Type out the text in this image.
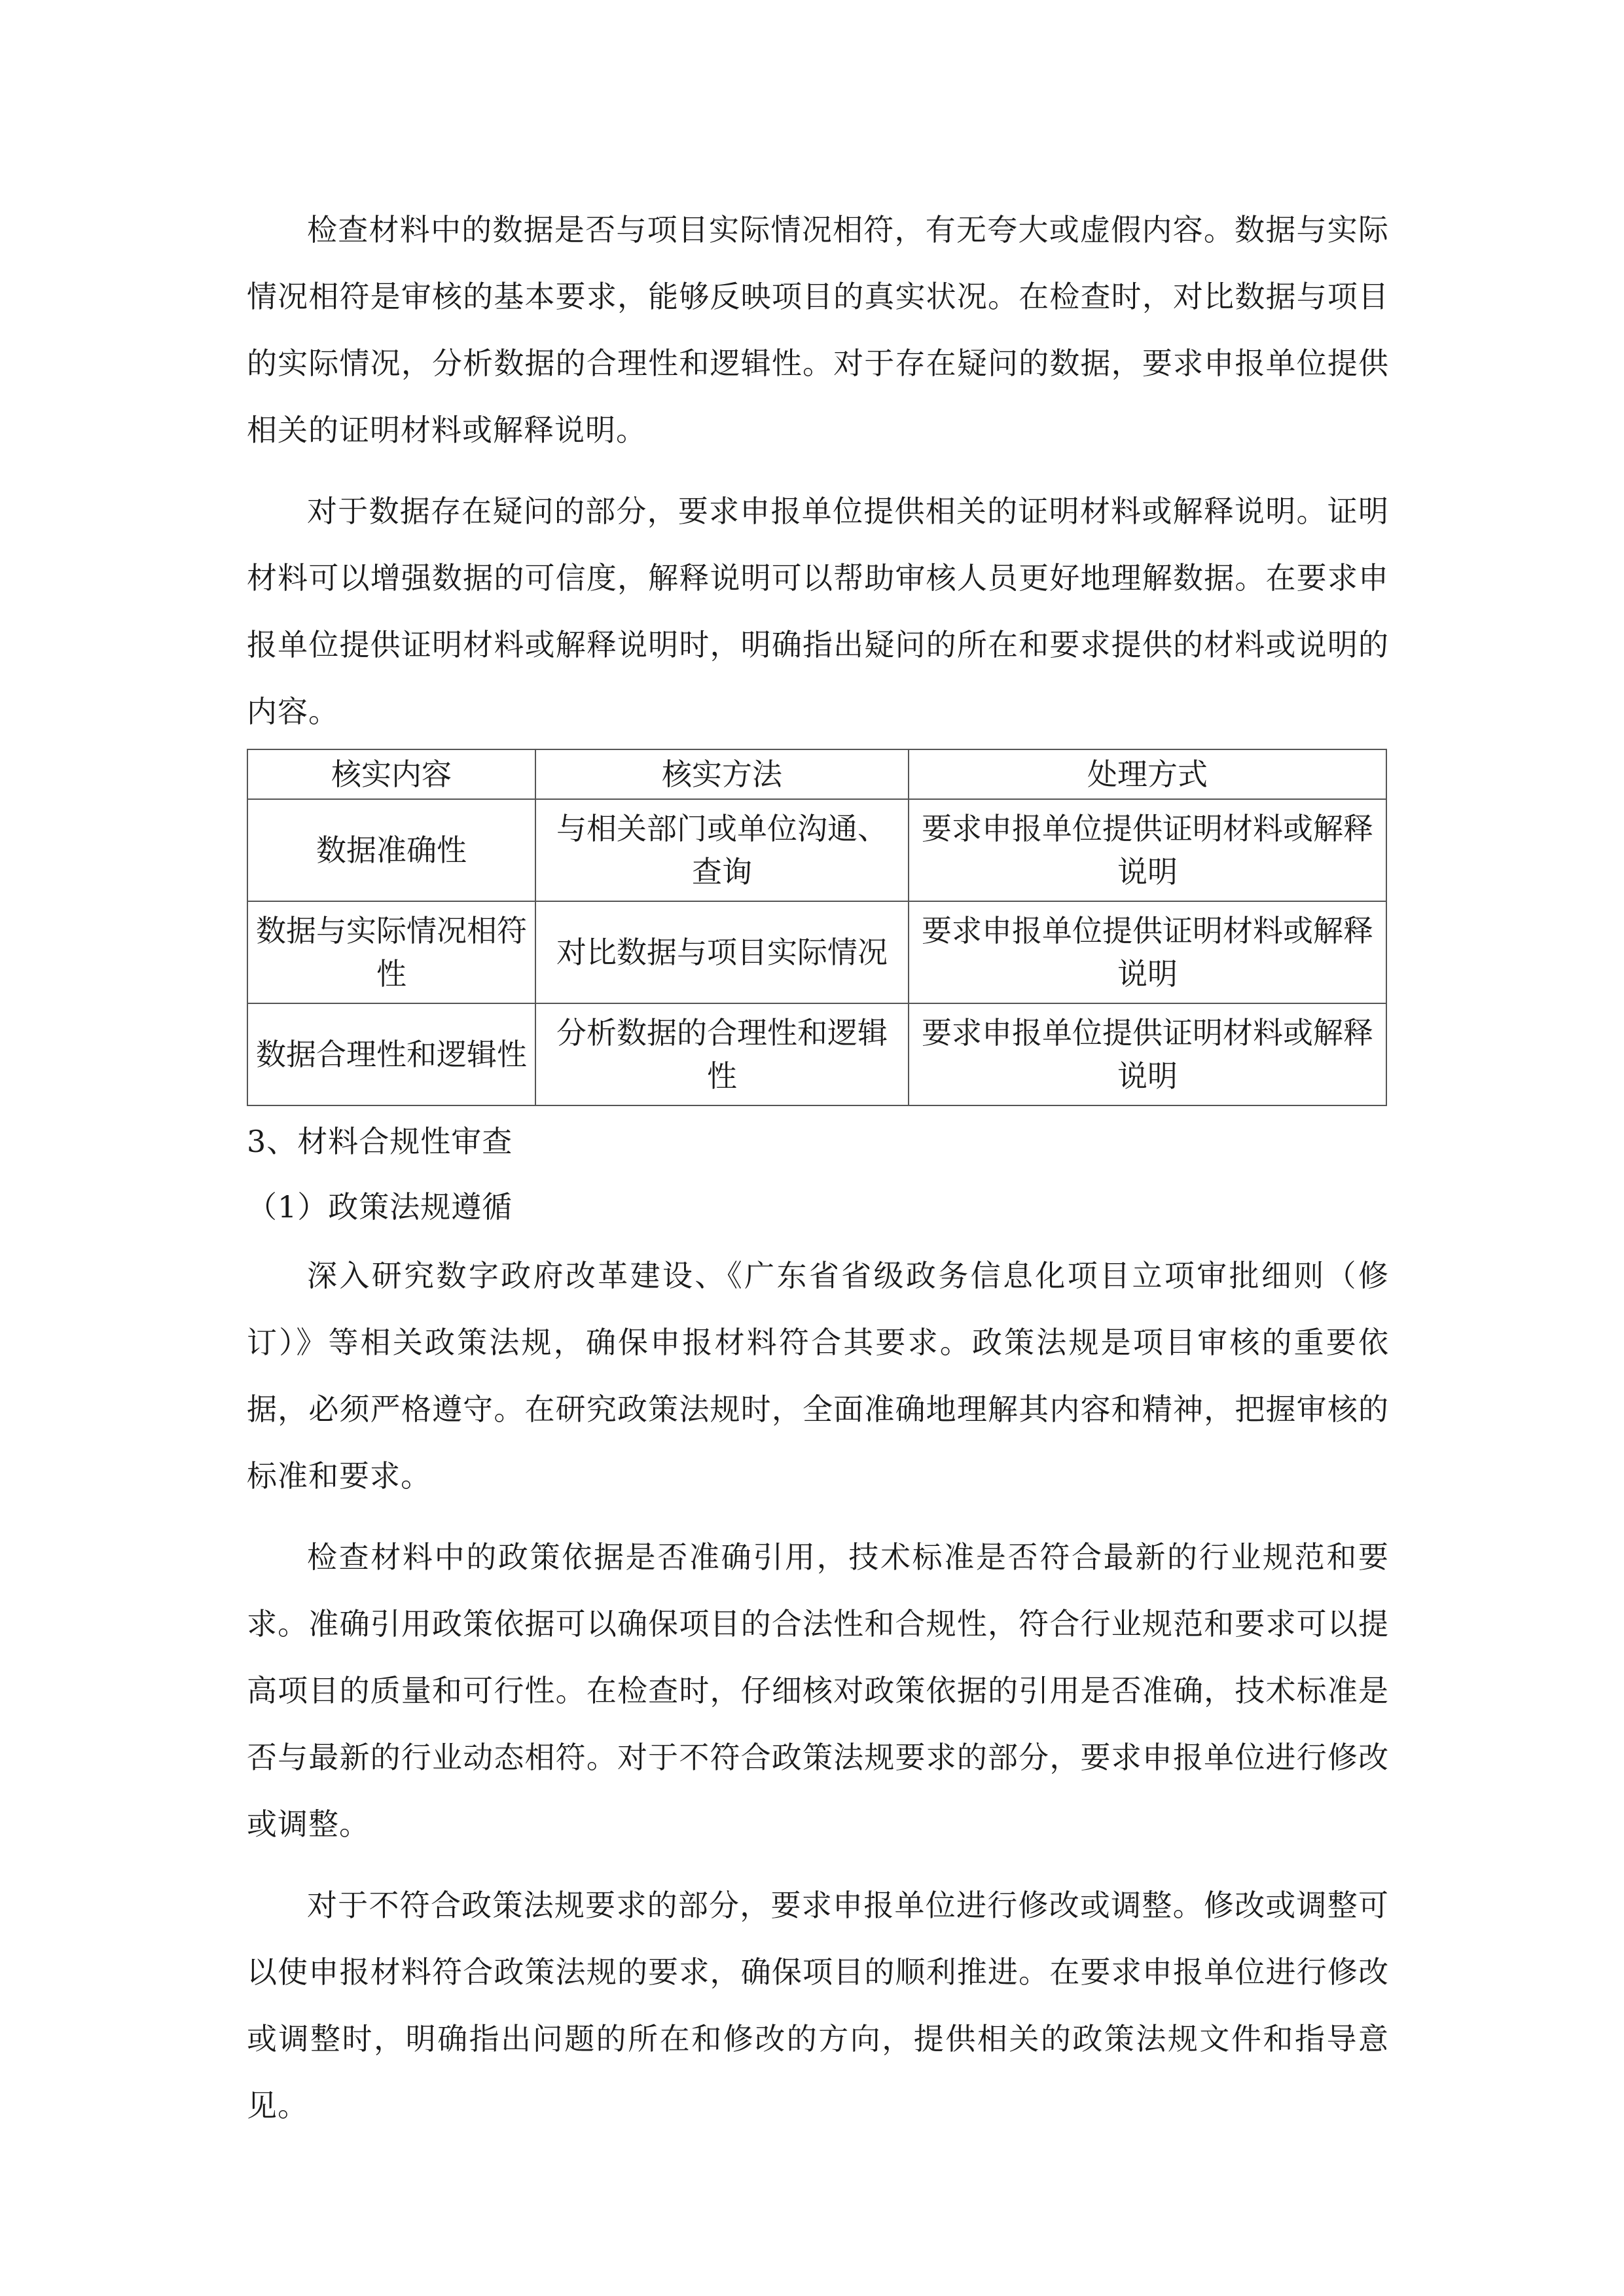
检查材料中的数据是否与项目实际情况相符，有无夸大或虚假内容。数据与实际情况相符是审核的基本要求，能够反映项目的真实状况。在检查时，对比数据与项目的实际情况，分析数据的合理性和逻辑性。对于存在疑问的数据，要求申报单位提供相关的证明材料或解释说明。

对于数据存在疑问的部分，要求申报单位提供相关的证明材料或解释说明。证明材料可以增强数据的可信度，解释说明可以帮助审核人员更好地理解数据。在要求申报单位提供证明材料或解释说明时，明确指出疑问的所在和要求提供的材料或说明的内容。

核实内容	核实方法	处理方式
数据准确性	与相关部门或单位沟通、查询	要求申报单位提供证明材料或解释说明
数据与实际情况相符性	对比数据与项目实际情况	要求申报单位提供证明材料或解释说明
数据合理性和逻辑性	分析数据的合理性和逻辑性	要求申报单位提供证明材料或解释说明

3、材料合规性审查

（1）政策法规遵循

深入研究数字政府改革建设、《广东省省级政务信息化项目立项审批细则（修订）》等相关政策法规，确保申报材料符合其要求。政策法规是项目审核的重要依据，必须严格遵守。在研究政策法规时，全面准确地理解其内容和精神，把握审核的标准和要求。

检查材料中的政策依据是否准确引用，技术标准是否符合最新的行业规范和要求。准确引用政策依据可以确保项目的合法性和合规性，符合行业规范和要求可以提高项目的质量和可行性。在检查时，仔细核对政策依据的引用是否准确，技术标准是否与最新的行业动态相符。对于不符合政策法规要求的部分，要求申报单位进行修改或调整。

对于不符合政策法规要求的部分，要求申报单位进行修改或调整。修改或调整可以使申报材料符合政策法规的要求，确保项目的顺利推进。在要求申报单位进行修改或调整时，明确指出问题的所在和修改的方向，提供相关的政策法规文件和指导意见。
